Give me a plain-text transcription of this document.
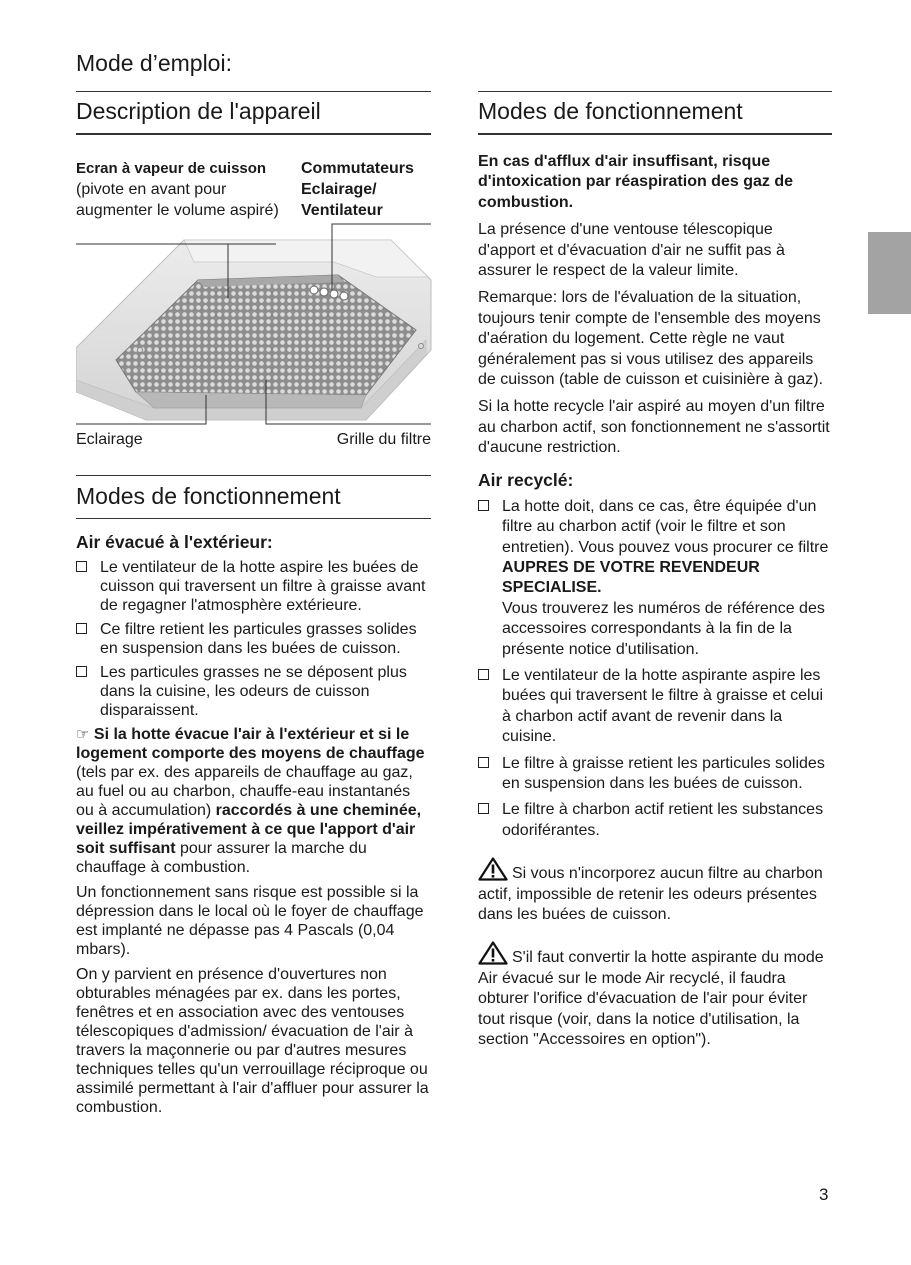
Mode d’emploi:
Description de l'appareil
Ecran à vapeur de cuisson
(pivote en avant pour augmenter le volume aspiré)
Commutateurs Eclairage/ Ventilateur
Eclairage	Grille du filtre
Modes de fonctionnement
Air évacué à l'extérieur:
Le ventilateur de la hotte aspire les buées de cuisson qui traversent un filtre à graisse avant de regagner l'atmosphère extérieure.
Ce filtre retient les particules grasses solides en suspension dans les buées de cuisson.
Les particules grasses ne se déposent plus dans la cuisine, les odeurs de cuisson disparaissent.

☞ Si la hotte évacue l'air à l'extérieur et si le logement comporte des moyens de chauffage (tels par ex. des appareils de chauffage au gaz, au fuel ou au charbon, chauffe-eau instantanés ou à accumulation) raccordés à une cheminée, veillez impérativement à ce que l'apport d'air soit suffisant pour assurer la marche du chauffage à combustion.

Un fonctionnement sans risque est possible si la dépression dans le local où le foyer de chauffage est implanté ne dépasse pas 4 Pascals (0,04 mbars).

On y parvient en présence d'ouvertures non obturables ménagées par ex. dans les portes, fenêtres et en association avec des ventouses télescopiques d'admission/ évacuation de l'air à travers la maçonnerie ou par d'autres mesures techniques telles qu'un verrouillage réciproque ou assimilé permettant à l'air d'affluer pour assurer la combustion.

Modes de fonctionnement

En cas d'afflux d'air insuffisant, risque d'intoxication par réaspiration des gaz de combustion.

La présence d'une ventouse télescopique d'apport et d'évacuation d'air ne suffit pas à assurer le respect de la valeur limite.

Remarque: lors de l'évaluation de la situation, toujours tenir compte de l'ensemble des moyens d'aération du logement. Cette règle ne vaut généralement pas si vous utilisez des appareils de cuisson (table de cuisson et cuisinière à gaz).

Si la hotte recycle l'air aspiré au moyen d'un filtre au charbon actif, son fonctionnement ne s'assortit d'aucune restriction.

Air recyclé:
La hotte doit, dans ce cas, être équipée d'un filtre au charbon actif (voir le filtre et son entretien). Vous pouvez vous procurer ce filtre AUPRES DE VOTRE REVENDEUR SPECIALISE.
Vous trouverez les numéros de référence des accessoires correspondants à la fin de la présente notice d'utilisation.
Le ventilateur de la hotte aspirante aspire les buées qui traversent le filtre à graisse et celui à charbon actif avant de revenir dans la cuisine.
Le filtre à graisse retient les particules solides en suspension dans les buées de cuisson.
Le filtre à charbon actif retient les substances odoriférantes.

Si vous n'incorporez aucun filtre au charbon actif, impossible de retenir les odeurs présentes dans les buées de cuisson.

S'il faut convertir la hotte aspirante du mode Air évacué sur le mode Air recyclé, il faudra obturer l'orifice d'évacuation de l'air pour éviter tout risque (voir, dans la notice d'utilisation, la section "Accessoires en option").

3
